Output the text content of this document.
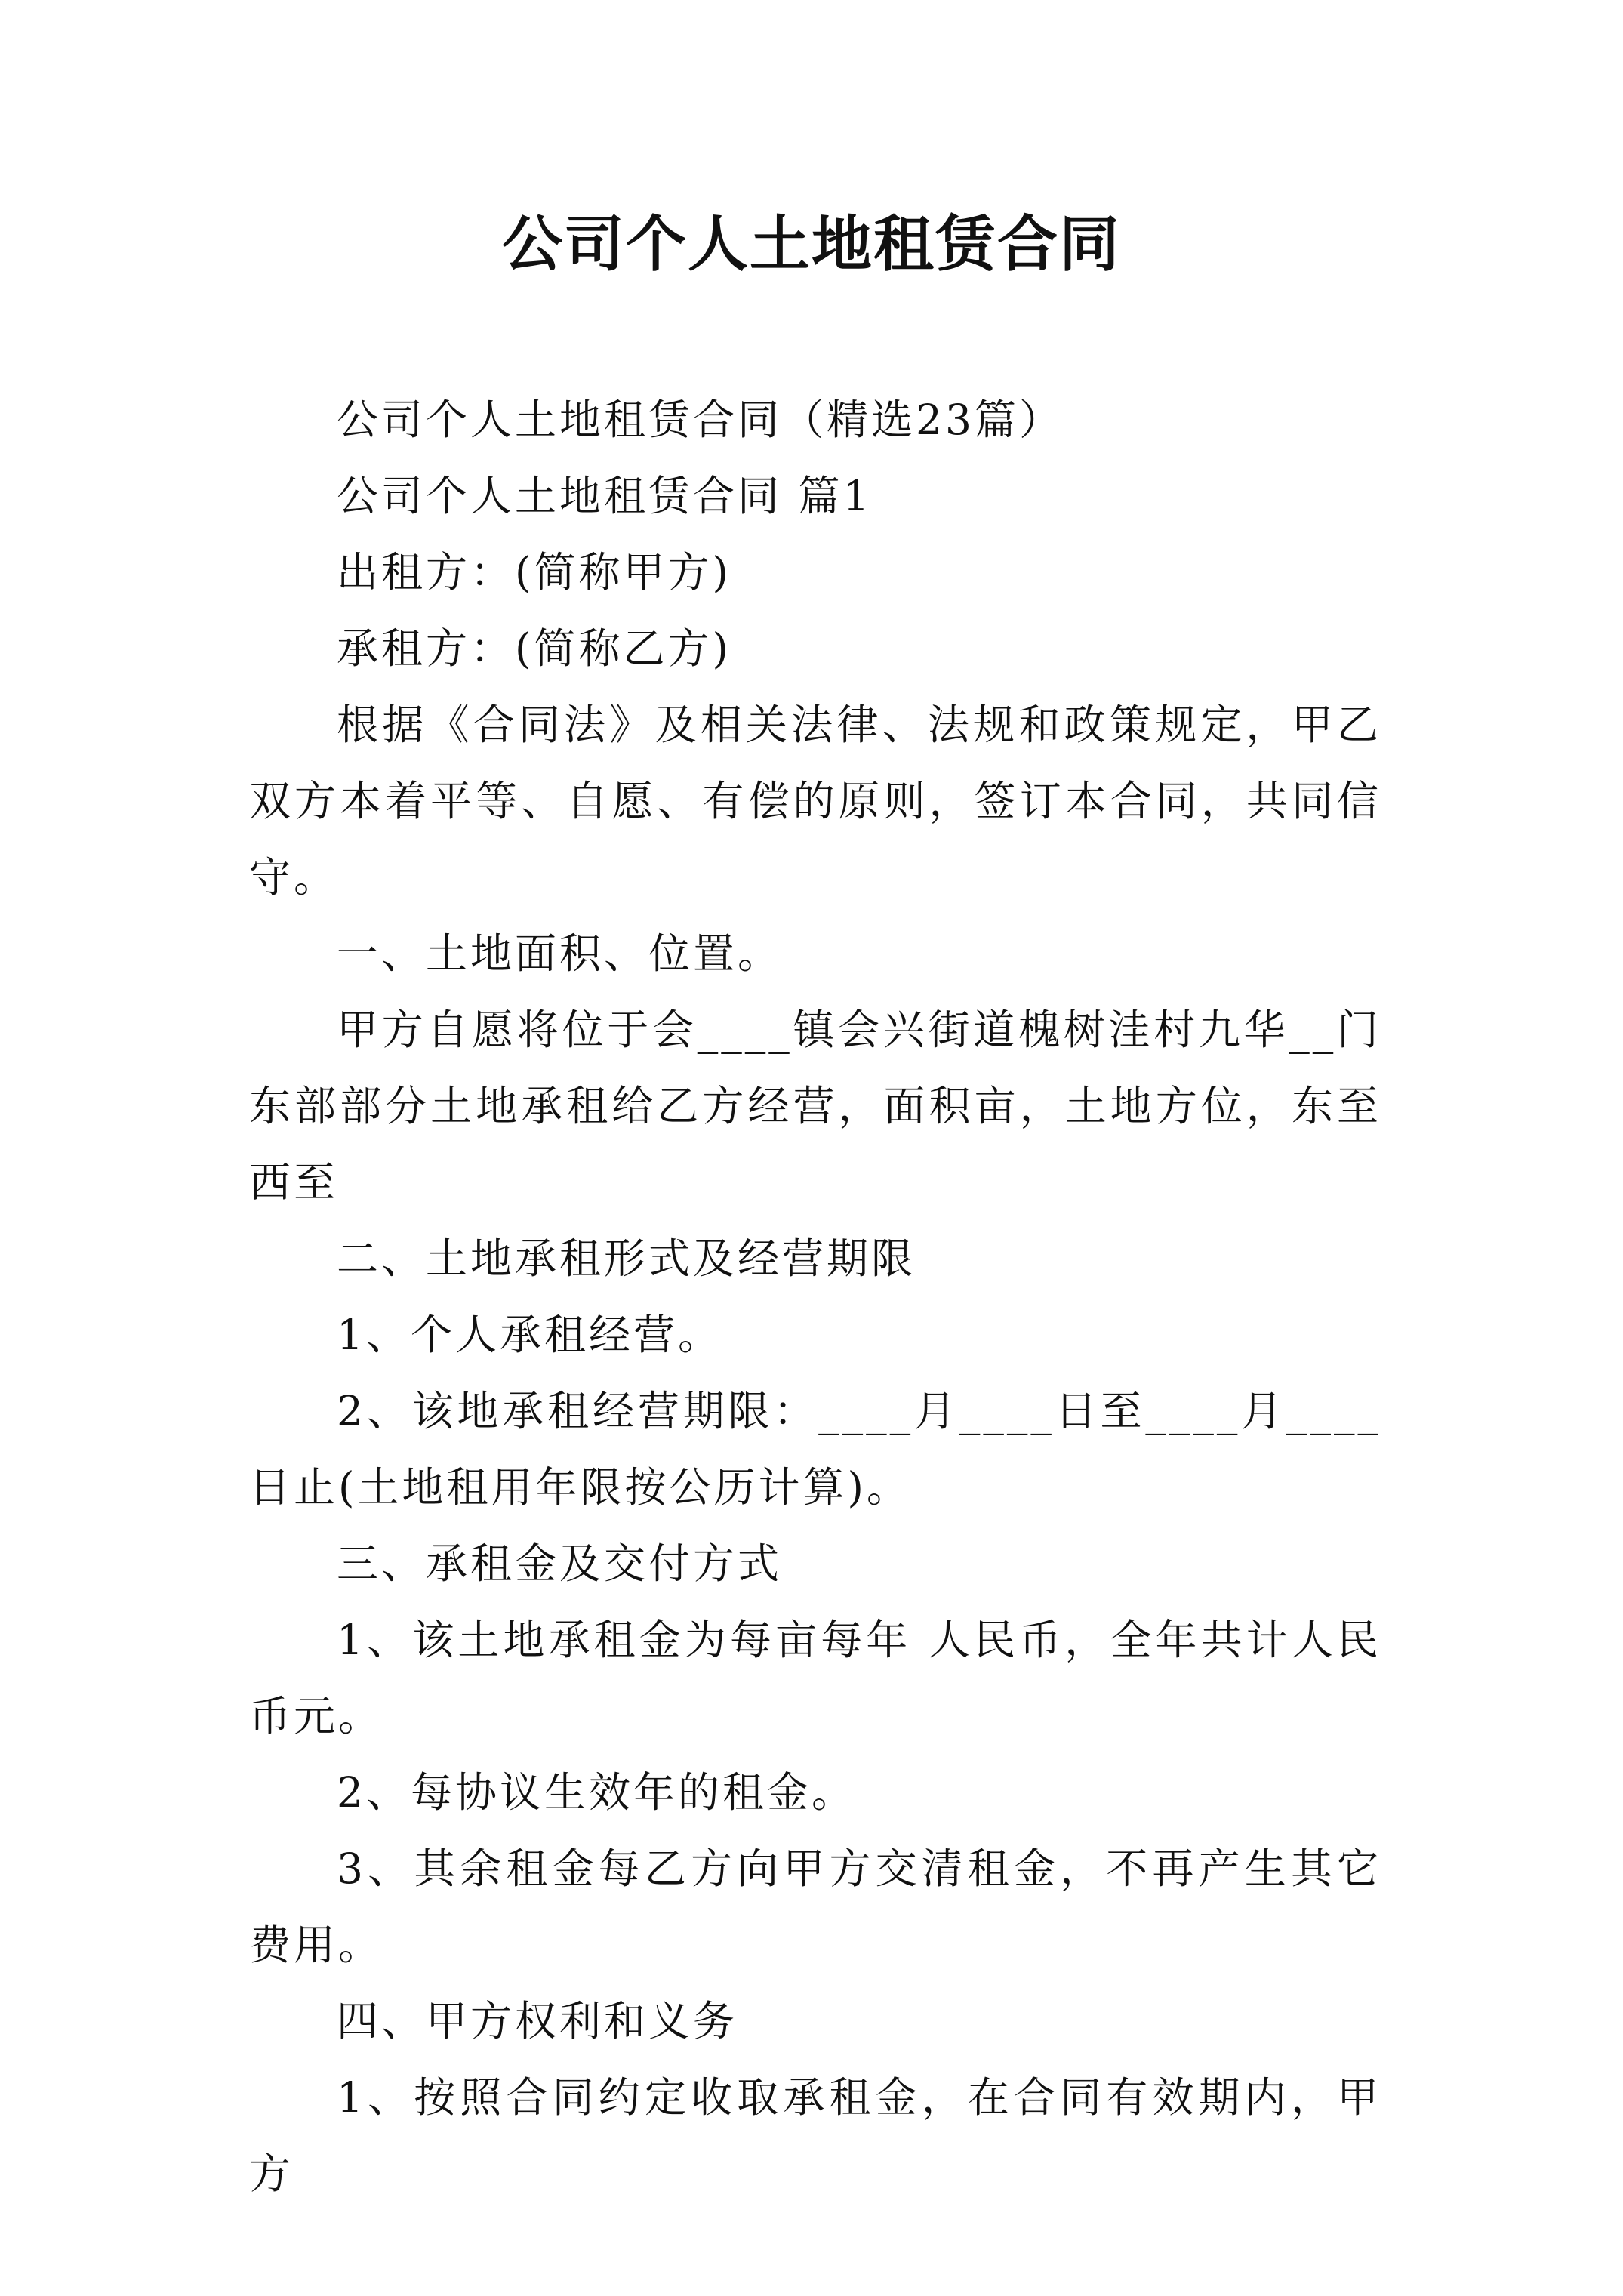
公司个人土地租赁合同

公司个人土地租赁合同（精选23篇）

公司个人土地租赁合同 篇1

出租方：(简称甲方)

承租方：(简称乙方)

根据《合同法》及相关法律、法规和政策规定，甲乙双方本着平等、自愿、有偿的原则，签订本合同，共同信守。

一、土地面积、位置。

甲方自愿将位于会____镇会兴街道槐树洼村九华__门东部部分土地承租给乙方经营，面积亩，土地方位，东至 西至

二、土地承租形式及经营期限

1、个人承租经营。

2、该地承租经营期限：____月____日至____月____日止(土地租用年限按公历计算)。

三、承租金及交付方式

1、该土地承租金为每亩每年 人民币，全年共计人民币元。

2、每协议生效年的租金。

3、其余租金每乙方向甲方交清租金，不再产生其它费用。

四、甲方权利和义务

1、按照合同约定收取承租金，在合同有效期内，甲方
